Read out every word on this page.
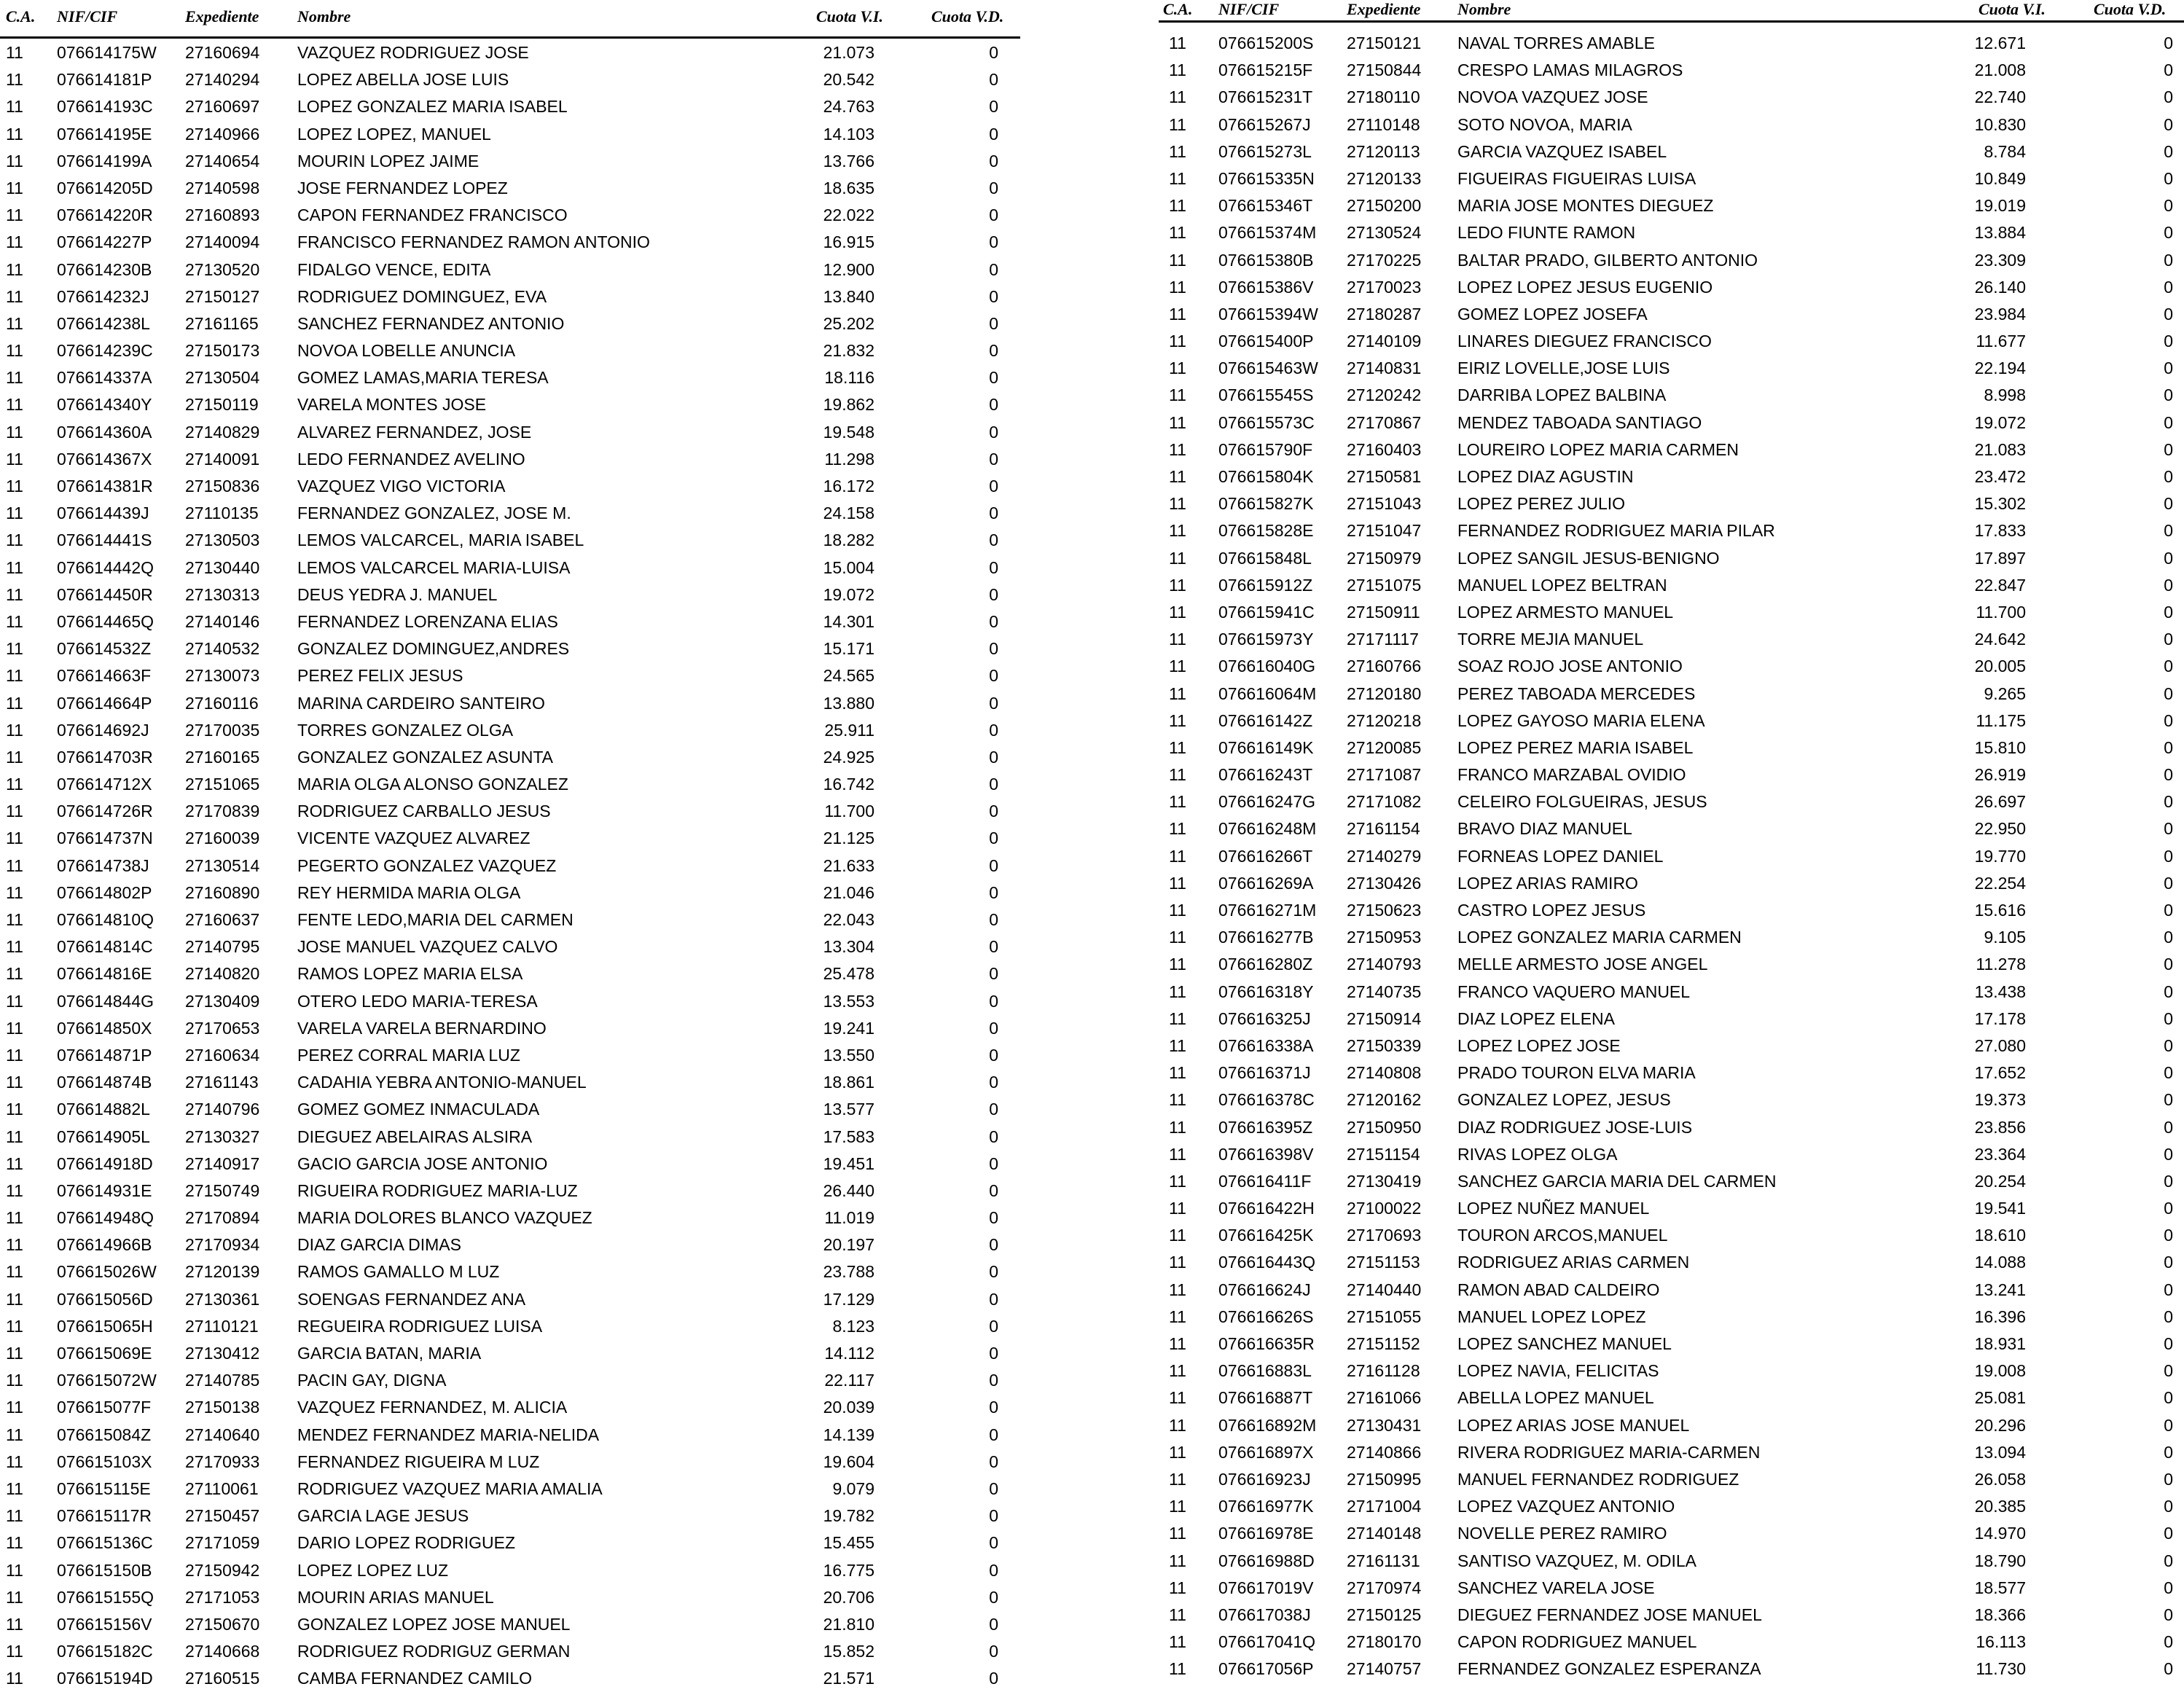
C.A. NIF/CIF	Expediente Nombre	Cuota V.I.	Cuota V.D.
11 076614175W 27160694 VAZQUEZ RODRIGUEZ JOSE	21.073	0
11 076614181P 27140294 LOPEZ ABELLA JOSE LUIS	20.542	0
11 076614193C 27160697 LOPEZ GONZALEZ MARIA ISABEL	24.763	0
11 076614195E 27140966 LOPEZ LOPEZ, MANUEL	14.103	0
11 076614199A 27140654 MOURIN LOPEZ JAIME	13.766	0
11 076614205D 27140598 JOSE FERNANDEZ LOPEZ	18.635	0
11 076614220R 27160893 CAPON FERNANDEZ FRANCISCO	22.022	0
11 076614227P 27140094 FRANCISCO FERNANDEZ RAMON ANTONIO	16.915	0
11 076614230B 27130520 FIDALGO VENCE, EDITA	12.900	0
11 076614232J 27150127 RODRIGUEZ DOMINGUEZ, EVA	13.840	0
11 076614238L 27161165 SANCHEZ FERNANDEZ ANTONIO	25.202	0
11 076614239C 27150173 NOVOA LOBELLE ANUNCIA	21.832	0
11 076614337A 27130504 GOMEZ LAMAS,MARIA TERESA	18.116	0
11 076614340Y 27150119 VARELA MONTES JOSE	19.862	0
11 076614360A 27140829 ALVAREZ FERNANDEZ, JOSE	19.548	0
11 076614367X 27140091 LEDO FERNANDEZ AVELINO	11.298	0
11 076614381R 27150836 VAZQUEZ VIGO VICTORIA	16.172	0
11 076614439J 27110135 FERNANDEZ GONZALEZ, JOSE M.	24.158	0
11 076614441S 27130503 LEMOS VALCARCEL, MARIA ISABEL	18.282	0
11 076614442Q 27130440 LEMOS VALCARCEL MARIA-LUISA	15.004	0
11 076614450R 27130313 DEUS YEDRA J. MANUEL	19.072	0
11 076614465Q 27140146 FERNANDEZ LORENZANA ELIAS	14.301	0
11 076614532Z 27140532 GONZALEZ DOMINGUEZ,ANDRES	15.171	0
11 076614663F 27130073 PEREZ FELIX JESUS	24.565	0
11 076614664P 27160116 MARINA CARDEIRO SANTEIRO	13.880	0
11 076614692J 27170035 TORRES GONZALEZ OLGA	25.911	0
11 076614703R 27160165 GONZALEZ GONZALEZ ASUNTA	24.925	0
11 076614712X 27151065 MARIA OLGA ALONSO GONZALEZ	16.742	0
11 076614726R 27170839 RODRIGUEZ CARBALLO JESUS	11.700	0
11 076614737N 27160039 VICENTE VAZQUEZ ALVAREZ	21.125	0
11 076614738J 27130514 PEGERTO GONZALEZ VAZQUEZ	21.633	0
11 076614802P 27160890 REY HERMIDA MARIA OLGA	21.046	0
11 076614810Q 27160637 FENTE LEDO,MARIA DEL CARMEN	22.043	0
11 076614814C 27140795 JOSE MANUEL VAZQUEZ CALVO	13.304	0
11 076614816E 27140820 RAMOS LOPEZ MARIA ELSA	25.478	0
11 076614844G 27130409 OTERO LEDO MARIA-TERESA	13.553	0
11 076614850X 27170653 VARELA VARELA BERNARDINO	19.241	0
11 076614871P 27160634 PEREZ CORRAL MARIA LUZ	13.550	0
11 076614874B 27161143 CADAHIA YEBRA ANTONIO-MANUEL	18.861	0
11 076614882L 27140796 GOMEZ GOMEZ INMACULADA	13.577	0
11 076614905L 27130327 DIEGUEZ ABELAIRAS ALSIRA	17.583	0
11 076614918D 27140917 GACIO GARCIA JOSE ANTONIO	19.451	0
11 076614931E 27150749 RIGUEIRA RODRIGUEZ MARIA-LUZ	26.440	0
11 076614948Q 27170894 MARIA DOLORES BLANCO VAZQUEZ	11.019	0
11 076614966B 27170934 DIAZ GARCIA DIMAS	20.197	0
11 076615026W 27120139 RAMOS GAMALLO M LUZ	23.788	0
11 076615056D 27130361 SOENGAS FERNANDEZ ANA	17.129	0
11 076615065H 27110121 REGUEIRA RODRIGUEZ LUISA	8.123	0
11 076615069E 27130412 GARCIA BATAN, MARIA	14.112	0
11 076615072W 27140785 PACIN GAY, DIGNA	22.117	0
11 076615077F 27150138 VAZQUEZ FERNANDEZ, M. ALICIA	20.039	0
11 076615084Z 27140640 MENDEZ FERNANDEZ MARIA-NELIDA	14.139	0
11 076615103X 27170933 FERNANDEZ RIGUEIRA M LUZ	19.604	0
11 076615115E 27110061 RODRIGUEZ VAZQUEZ MARIA AMALIA	9.079	0
11 076615117R 27150457 GARCIA LAGE JESUS	19.782	0
11 076615136C 27171059 DARIO LOPEZ RODRIGUEZ	15.455	0
11 076615150B 27150942 LOPEZ LOPEZ LUZ	16.775	0
11 076615155Q 27171053 MOURIN ARIAS MANUEL	20.706	0
11 076615156V 27150670 GONZALEZ LOPEZ JOSE MANUEL	21.810	0
11 076615182C 27140668 RODRIGUEZ RODRIGUZ GERMAN	15.852	0
11 076615194D 27160515 CAMBA FERNANDEZ CAMILO	21.571	0
C.A. NIF/CIF	Expediente Nombre	Cuota V.I.	Cuota V.D.
11 076615200S 27150121 NAVAL TORRES AMABLE	12.671	0
11 076615215F 27150844 CRESPO LAMAS MILAGROS	21.008	0
11 076615231T 27180110 NOVOA VAZQUEZ JOSE	22.740	0
11 076615267J 27110148 SOTO NOVOA, MARIA	10.830	0
11 076615273L 27120113 GARCIA VAZQUEZ ISABEL	8.784	0
11 076615335N 27120133 FIGUEIRAS FIGUEIRAS LUISA	10.849	0
11 076615346T 27150200 MARIA JOSE MONTES DIEGUEZ	19.019	0
11 076615374M 27130524 LEDO FIUNTE RAMON	13.884	0
11 076615380B 27170225 BALTAR PRADO, GILBERTO ANTONIO	23.309	0
11 076615386V 27170023 LOPEZ LOPEZ JESUS EUGENIO	26.140	0
11 076615394W 27180287 GOMEZ LOPEZ JOSEFA	23.984	0
11 076615400P 27140109 LINARES DIEGUEZ FRANCISCO	11.677	0
11 076615463W 27140831 EIRIZ LOVELLE,JOSE LUIS	22.194	0
11 076615545S 27120242 DARRIBA LOPEZ BALBINA	8.998	0
11 076615573C 27170867 MENDEZ TABOADA SANTIAGO	19.072	0
11 076615790F 27160403 LOUREIRO LOPEZ MARIA CARMEN	21.083	0
11 076615804K 27150581 LOPEZ DIAZ AGUSTIN	23.472	0
11 076615827K 27151043 LOPEZ PEREZ JULIO	15.302	0
11 076615828E 27151047 FERNANDEZ RODRIGUEZ MARIA PILAR	17.833	0
11 076615848L 27150979 LOPEZ SANGIL JESUS-BENIGNO	17.897	0
11 076615912Z 27151075 MANUEL LOPEZ BELTRAN	22.847	0
11 076615941C 27150911 LOPEZ ARMESTO MANUEL	11.700	0
11 076615973Y 27171117 TORRE MEJIA MANUEL	24.642	0
11 076616040G 27160766 SOAZ ROJO JOSE ANTONIO	20.005	0
11 076616064M 27120180 PEREZ TABOADA MERCEDES	9.265	0
11 076616142Z 27120218 LOPEZ GAYOSO MARIA ELENA	11.175	0
11 076616149K 27120085 LOPEZ PEREZ MARIA ISABEL	15.810	0
11 076616243T 27171087 FRANCO MARZABAL OVIDIO	26.919	0
11 076616247G 27171082 CELEIRO FOLGUEIRAS, JESUS	26.697	0
11 076616248M 27161154 BRAVO DIAZ MANUEL	22.950	0
11 076616266T 27140279 FORNEAS LOPEZ DANIEL	19.770	0
11 076616269A 27130426 LOPEZ ARIAS RAMIRO	22.254	0
11 076616271M 27150623 CASTRO LOPEZ JESUS	15.616	0
11 076616277B 27150953 LOPEZ GONZALEZ MARIA CARMEN	9.105	0
11 076616280Z 27140793 MELLE ARMESTO JOSE ANGEL	11.278	0
11 076616318Y 27140735 FRANCO VAQUERO MANUEL	13.438	0
11 076616325J 27150914 DIAZ LOPEZ ELENA	17.178	0
11 076616338A 27150339 LOPEZ LOPEZ JOSE	27.080	0
11 076616371J 27140808 PRADO TOURON ELVA MARIA	17.652	0
11 076616378C 27120162 GONZALEZ LOPEZ, JESUS	19.373	0
11 076616395Z 27150950 DIAZ RODRIGUEZ JOSE-LUIS	23.856	0
11 076616398V 27151154 RIVAS LOPEZ OLGA	23.364	0
11 076616411F 27130419 SANCHEZ GARCIA MARIA DEL CARMEN	20.254	0
11 076616422H 27100022 LOPEZ NUÑEZ MANUEL	19.541	0
11 076616425K 27170693 TOURON ARCOS,MANUEL	18.610	0
11 076616443Q 27151153 RODRIGUEZ ARIAS CARMEN	14.088	0
11 076616624J 27140440 RAMON ABAD CALDEIRO	13.241	0
11 076616626S 27151055 MANUEL LOPEZ LOPEZ	16.396	0
11 076616635R 27151152 LOPEZ SANCHEZ MANUEL	18.931	0
11 076616883L 27161128 LOPEZ NAVIA, FELICITAS	19.008	0
11 076616887T 27161066 ABELLA LOPEZ MANUEL	25.081	0
11 076616892M 27130431 LOPEZ ARIAS JOSE MANUEL	20.296	0
11 076616897X 27140866 RIVERA RODRIGUEZ MARIA-CARMEN	13.094	0
11 076616923J 27150995 MANUEL FERNANDEZ RODRIGUEZ	26.058	0
11 076616977K 27171004 LOPEZ VAZQUEZ ANTONIO	20.385	0
11 076616978E 27140148 NOVELLE PEREZ RAMIRO	14.970	0
11 076616988D 27161131 SANTISO VAZQUEZ, M. ODILA	18.790	0
11 076617019V 27170974 SANCHEZ VARELA JOSE	18.577	0
11 076617038J 27150125 DIEGUEZ FERNANDEZ JOSE MANUEL	18.366	0
11 076617041Q 27180170 CAPON RODRIGUEZ MANUEL	16.113	0
11 076617056P 27140757 FERNANDEZ GONZALEZ ESPERANZA	11.730	0
